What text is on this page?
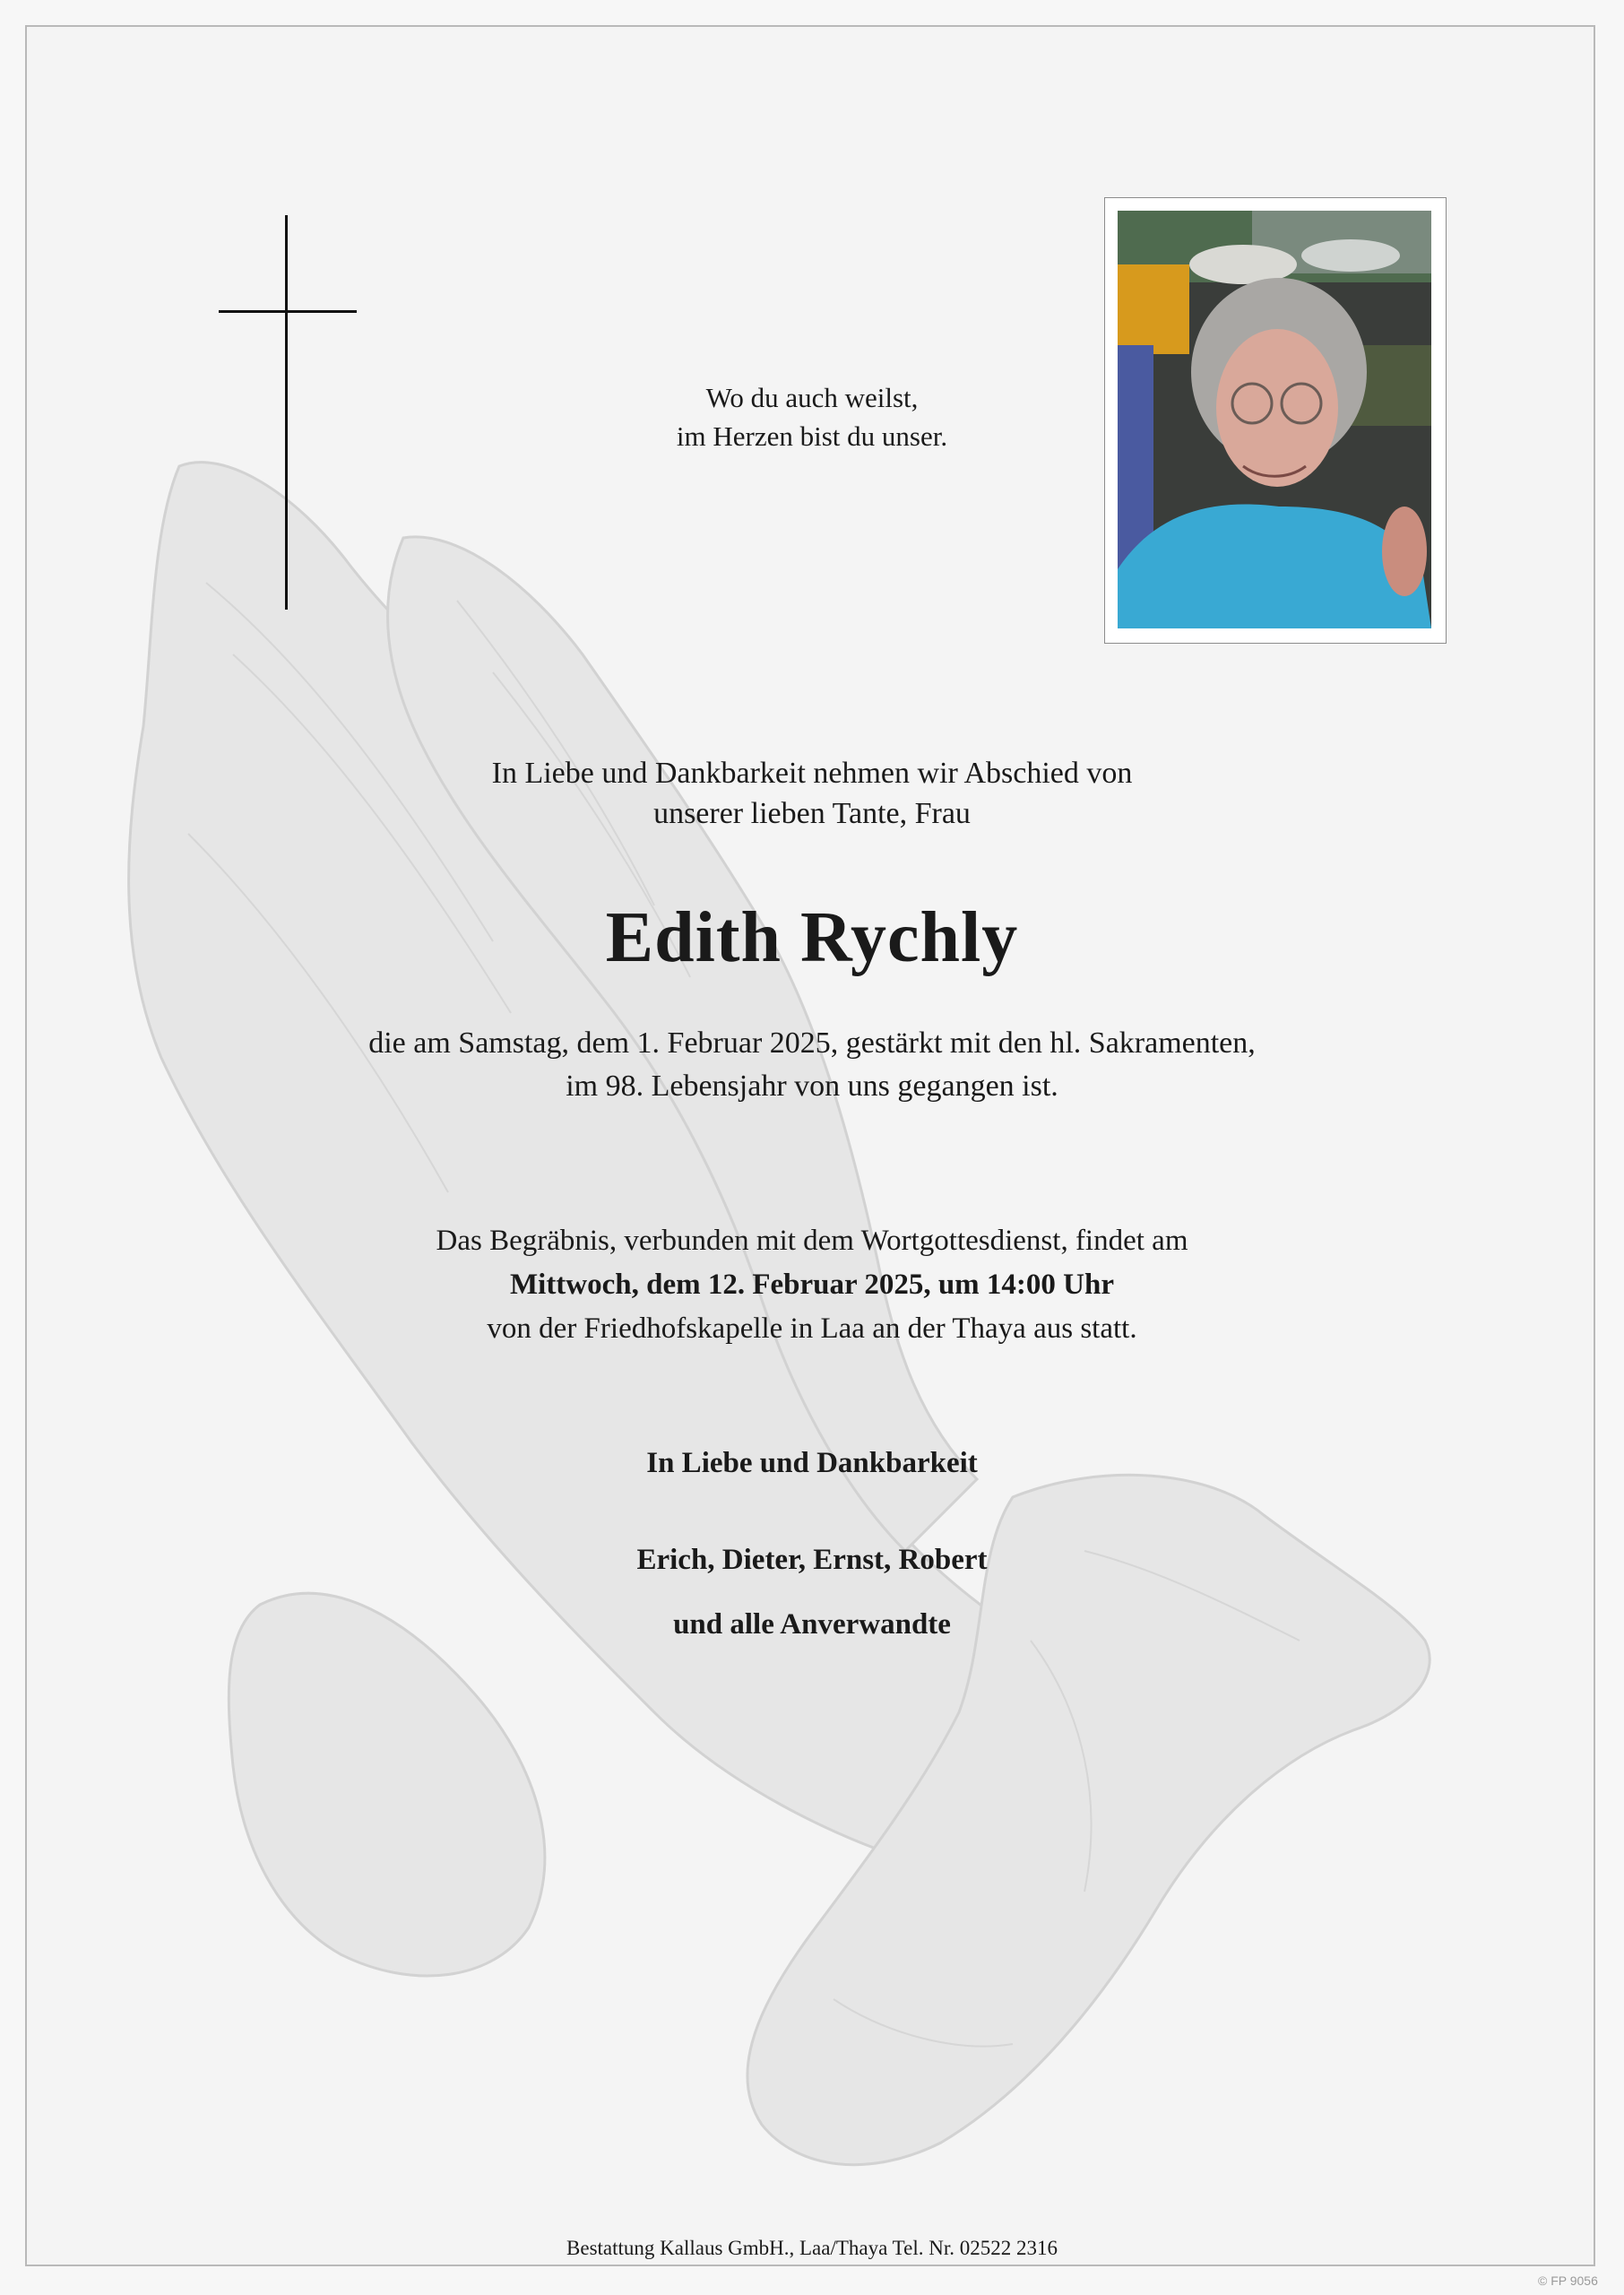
Wo du auch weilst,
im Herzen bist du unser.
In Liebe und Dankbarkeit nehmen wir Abschied von
unserer lieben Tante, Frau
Edith Rychly
die am Samstag, dem 1. Februar 2025, gestärkt mit den hl. Sakramenten,
im 98. Lebensjahr von uns gegangen ist.
Das Begräbnis, verbunden mit dem Wortgottesdienst, findet am
Mittwoch, dem 12. Februar 2025, um 14:00 Uhr
von der Friedhofskapelle in Laa an der Thaya aus statt.
In Liebe und Dankbarkeit
Erich, Dieter, Ernst, Robert
und alle Anverwandte
Bestattung Kallaus GmbH., Laa/Thaya Tel. Nr. 02522 2316
© FP 9056
